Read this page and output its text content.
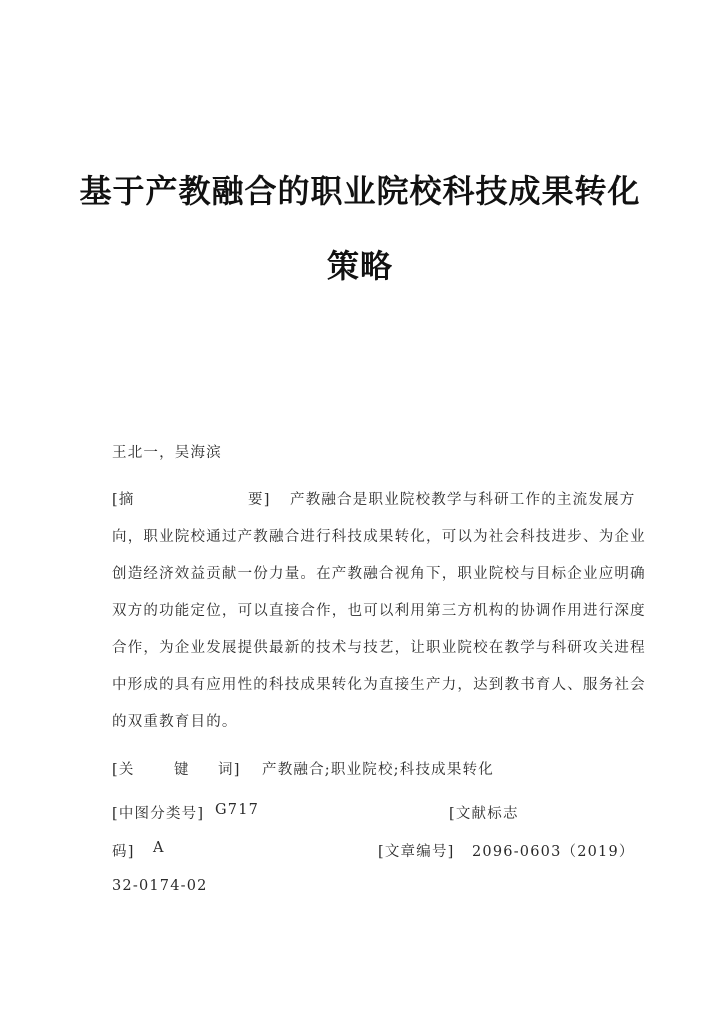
基于产教融合的职业院校科技成果转化
策略
王北一，吴海滨
[摘	要] 产教融合是职业院校教学与科研工作的主流发展方
向，职业院校通过产教融合进行科技成果转化，可以为社会科技进步、为企业
创造经济效益贡献一份力量。在产教融合视角下，职业院校与目标企业应明确
双方的功能定位，可以直接合作，也可以利用第三方机构的协调作用进行深度
合作，为企业发展提供最新的技术与技艺，让职业院校在教学与科研攻关进程
中形成的具有应用性的科技成果转化为直接生产力，达到教书育人、服务社会
的双重教育目的。
[关	键 词] 产教融合;职业院校;科技成果转化
[中图分类号] G717	[文献标志
码] A	[文章编号] 2096-0603（2019）
32-0174-02
